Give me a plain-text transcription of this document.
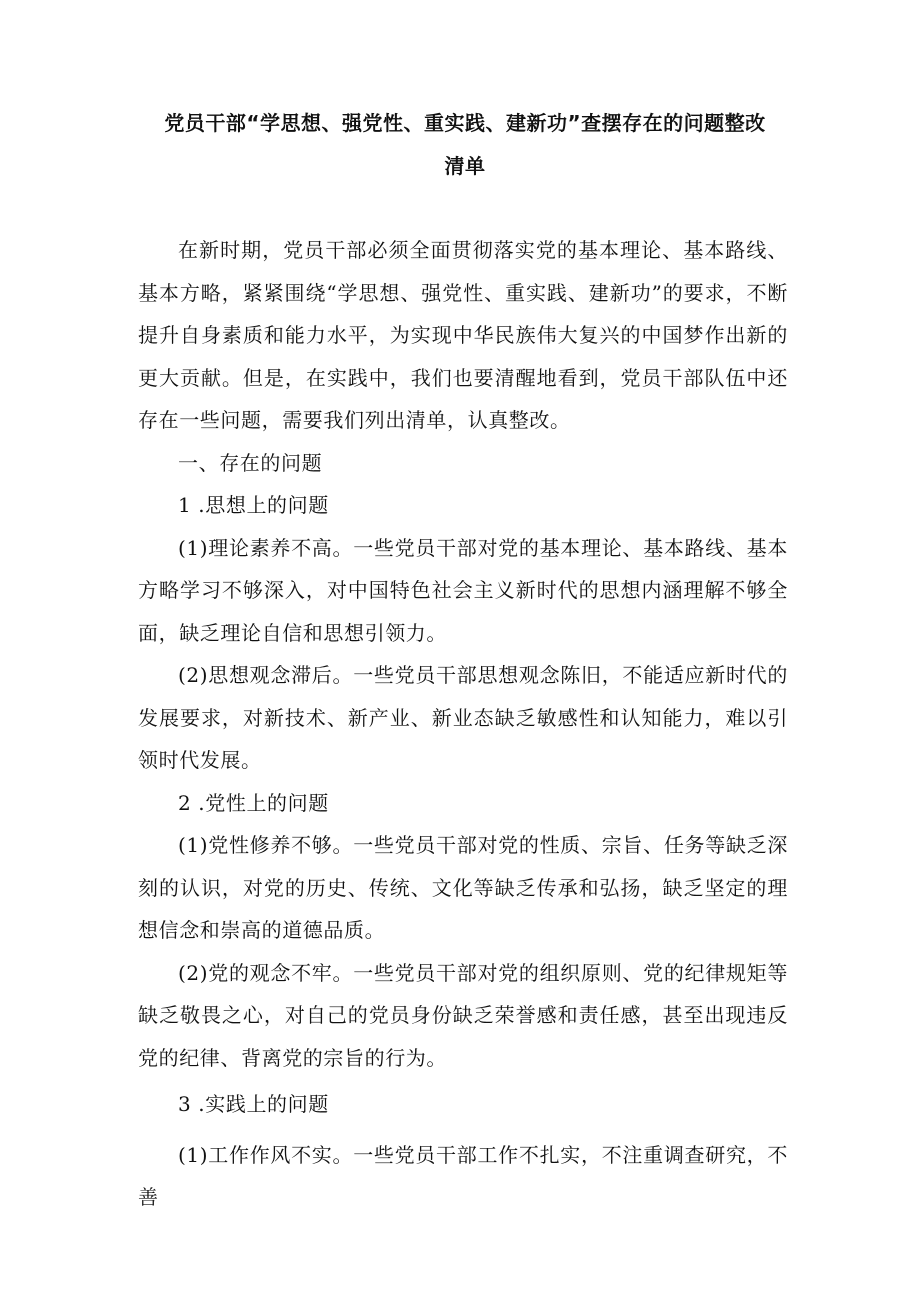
党员干部“学思想、强党性、重实践、建新功”查摆存在的问题整改
清单

在新时期，党员干部必须全面贯彻落实党的基本理论、基本路线、基本方略，紧紧围绕“学思想、强党性、重实践、建新功”的要求，不断提升自身素质和能力水平，为实现中华民族伟大复兴的中国梦作出新的更大贡献。但是，在实践中，我们也要清醒地看到，党员干部队伍中还存在一些问题，需要我们列出清单，认真整改。

一、存在的问题

1 .思想上的问题

(1)理论素养不高。一些党员干部对党的基本理论、基本路线、基本方略学习不够深入，对中国特色社会主义新时代的思想内涵理解不够全面，缺乏理论自信和思想引领力。

(2)思想观念滞后。一些党员干部思想观念陈旧，不能适应新时代的发展要求，对新技术、新产业、新业态缺乏敏感性和认知能力，难以引领时代发展。

2 .党性上的问题

(1)党性修养不够。一些党员干部对党的性质、宗旨、任务等缺乏深刻的认识，对党的历史、传统、文化等缺乏传承和弘扬，缺乏坚定的理想信念和崇高的道德品质。

(2)党的观念不牢。一些党员干部对党的组织原则、党的纪律规矩等缺乏敬畏之心，对自己的党员身份缺乏荣誉感和责任感，甚至出现违反党的纪律、背离党的宗旨的行为。

3 .实践上的问题

(1)工作作风不实。一些党员干部工作不扎实，不注重调查研究，不善
